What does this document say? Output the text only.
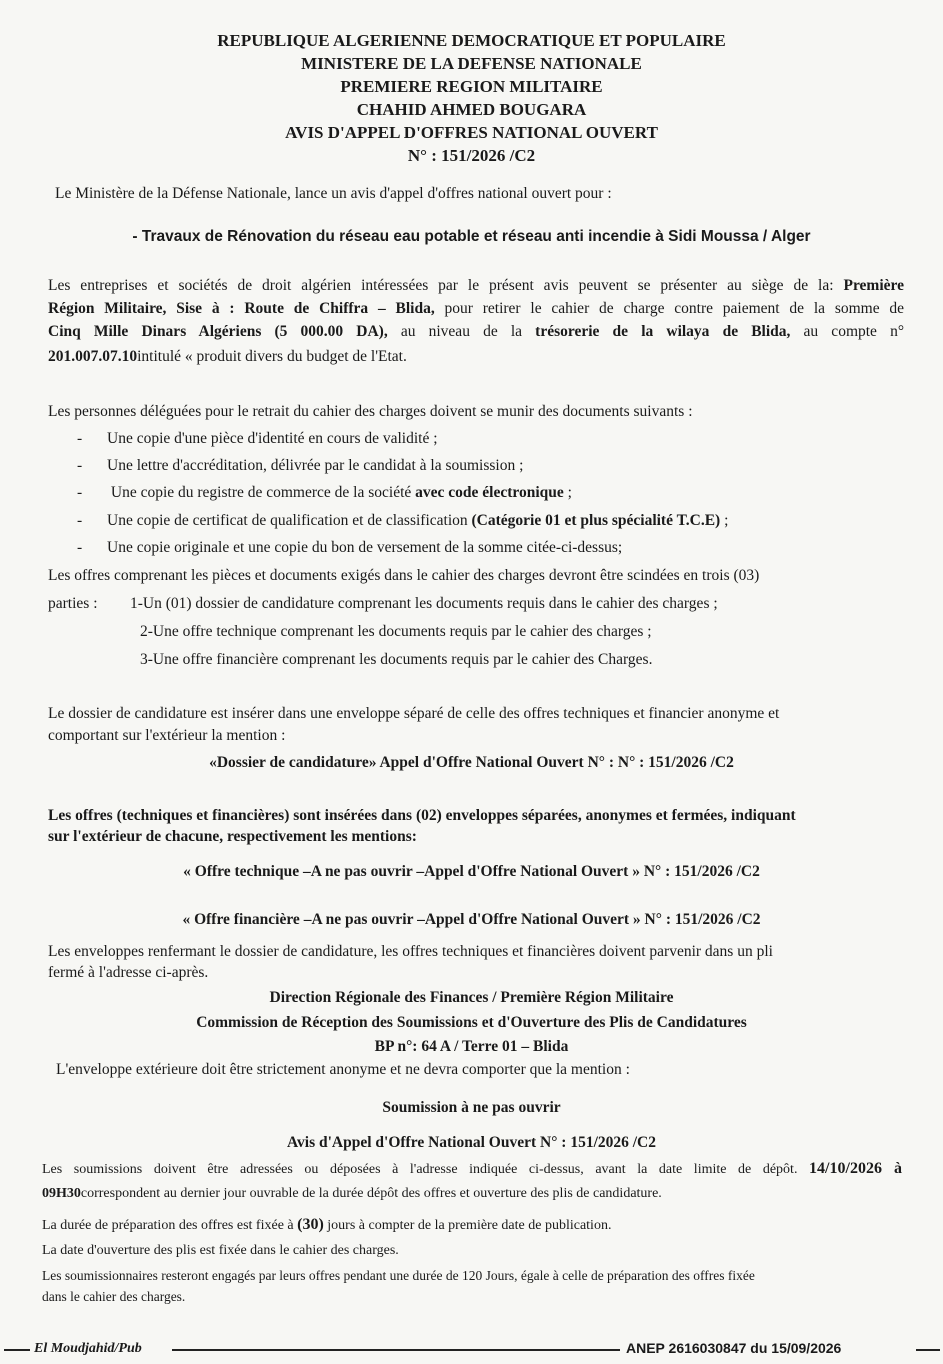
REPUBLIQUE ALGERIENNE DEMOCRATIQUE ET POPULAIRE
MINISTERE DE LA DEFENSE NATIONALE
PREMIERE REGION MILITAIRE
CHAHID AHMED BOUGARA
AVIS D'APPEL D'OFFRES NATIONAL OUVERT
N° : 151/2026 /C2
Le Ministère de la Défense Nationale, lance un avis d'appel d'offres national ouvert pour :
- Travaux de Rénovation du réseau eau potable et réseau anti incendie à Sidi Moussa / Alger
Les entreprises et sociétés de droit algérien intéressées par le présent avis peuvent se présenter au siège de la: Première
Région Militaire, Sise à : Route de Chiffra – Blida, pour retirer le cahier de charge contre paiement de la somme de
Cinq Mille Dinars Algériens (5 000.00 DA), au niveau de la trésorerie de la wilaya de Blida, au compte n°
201.007.07.10intitulé « produit divers du budget de l'Etat.
Les personnes déléguées pour le retrait du cahier des charges doivent se munir des documents suivants :
- Une copie d'une pièce d'identité en cours de validité ;
- Une lettre d'accréditation, délivrée par le candidat à la soumission ;
- Une copie du registre de commerce de la société avec code électronique ;
- Une copie de certificat de qualification et de classification (Catégorie 01 et plus spécialité T.C.E) ;
- Une copie originale et une copie du bon de versement de la somme citée-ci-dessus;
Les offres comprenant les pièces et documents exigés dans le cahier des charges devront être scindées en trois (03)
parties : 1-Un (01) dossier de candidature comprenant les documents requis dans le cahier des charges ;
2-Une offre technique comprenant les documents requis par le cahier des charges ;
3-Une offre financière comprenant les documents requis par le cahier des Charges.
Le dossier de candidature est insérer dans une enveloppe séparé de celle des offres techniques et financier anonyme et
comportant sur l'extérieur la mention :
«Dossier de candidature» Appel d'Offre National Ouvert N° : N° : 151/2026 /C2
Les offres (techniques et financières) sont insérées dans (02) enveloppes séparées, anonymes et fermées, indiquant
sur l'extérieur de chacune, respectivement les mentions:
« Offre technique –A ne pas ouvrir –Appel d'Offre National Ouvert » N° : 151/2026 /C2
« Offre financière –A ne pas ouvrir –Appel d'Offre National Ouvert » N° : 151/2026 /C2
Les enveloppes renfermant le dossier de candidature, les offres techniques et financières doivent parvenir dans un pli
fermé à l'adresse ci-après.
Direction Régionale des Finances / Première Région Militaire
Commission de Réception des Soumissions et d'Ouverture des Plis de Candidatures
BP n°: 64 A / Terre 01 – Blida
L'enveloppe extérieure doit être strictement anonyme et ne devra comporter que la mention :
Soumission à ne pas ouvrir
Avis d'Appel d'Offre National Ouvert N° : 151/2026 /C2
Les soumissions doivent être adressées ou déposées à l'adresse indiquée ci-dessus, avant la date limite de dépôt. 14/10/2026 à
09H30correspondent au dernier jour ouvrable de la durée dépôt des offres et ouverture des plis de candidature.
La durée de préparation des offres est fixée à (30) jours à compter de la première date de publication.
La date d'ouverture des plis est fixée dans le cahier des charges.
Les soumissionnaires resteront engagés par leurs offres pendant une durée de 120 Jours, égale à celle de préparation des offres fixée
dans le cahier des charges.
El Moudjahid/Pub	ANEP 2616030847 du 15/09/2026
